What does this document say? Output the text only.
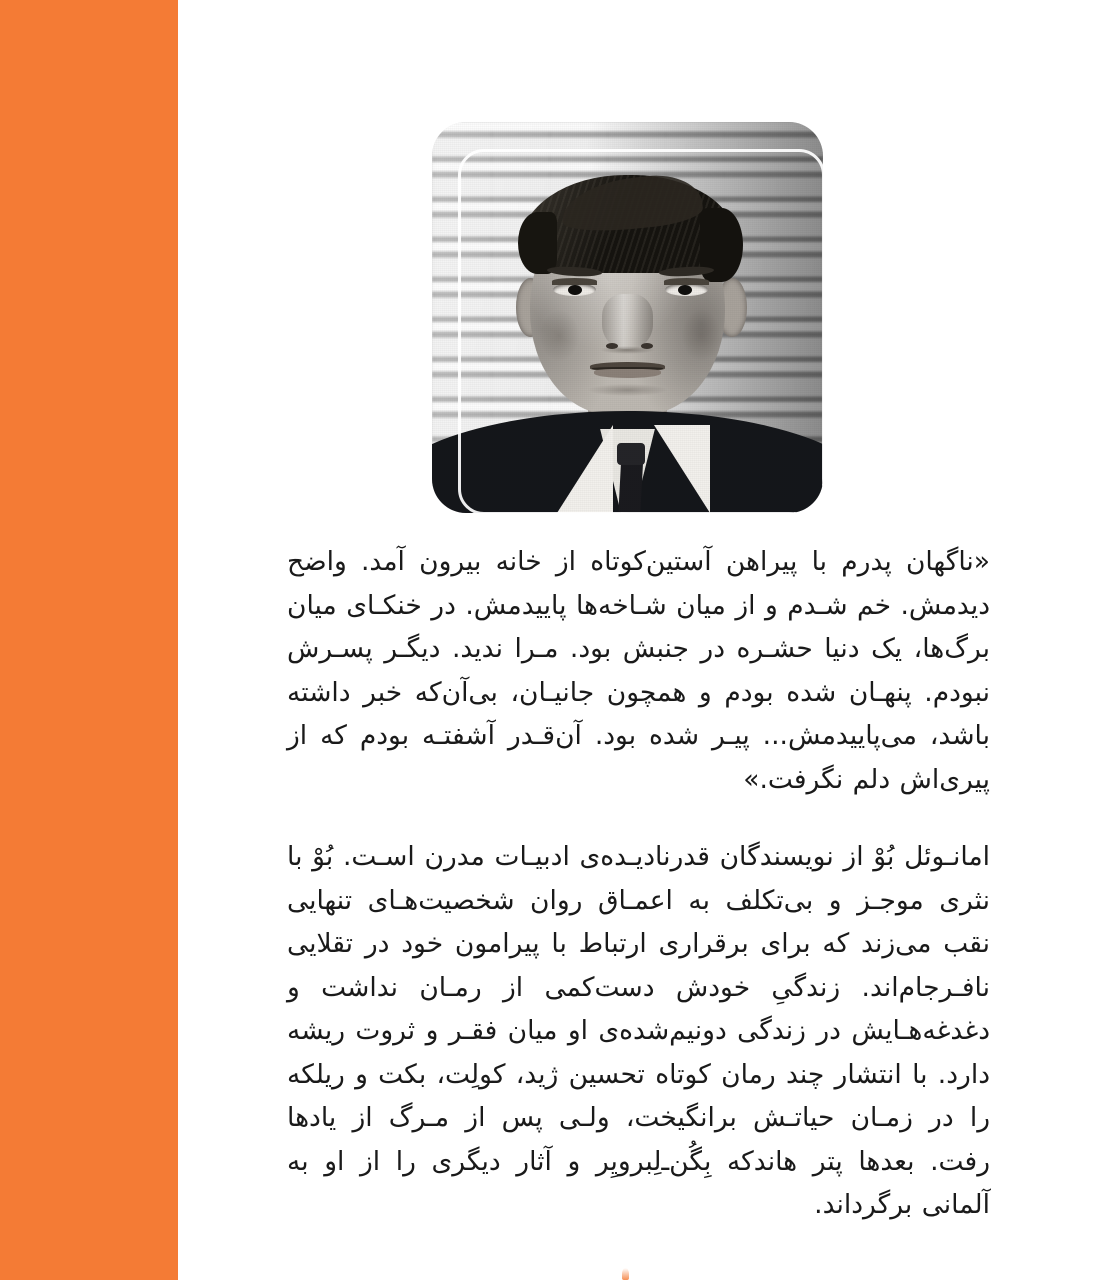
«ناگهان پدرم با پیراهن آستین‌کوتاه از خانه بیرون آمد. واضح دیدمش. خم شـدم و از میان شـاخه‌ها پاییدمش. در خنکـای میان برگ‌ها، یک دنیا حشـره در جنبش بود. مـرا ندید. دیگـر پسـرش نبودم. پنهـان شده بودم و همچون جانیـان، بی‌آن‌که خبر داشته باشد، می‌پاییدمش... پیـر شده بود. آن‌قـدر آشفتـه بودم که از پیری‌اش دلم نگرفت.»

امانـوئل بُوْ از نویسندگان قدرنادیـده‌ی ادبیـات مدرن اسـت. بُوْ با نثری موجـز و بی‌تکلف به اعمـاق روان شخصیت‌هـای تنهایی نقب می‌زند که برای برقراری ارتباط با پیرامون خود در تقلایی نافـرجام‌اند. زندگیِ خودش دست‌کمی از رمـان نداشت و دغدغه‌هـایش در زندگی دونیم‌شده‌ی او میان فقـر و ثروت ریشه دارد. با انتشار چند رمان کوتاه تحسین ژید، کولِت، بکت و ریلکه را در زمـان حیاتـش برانگیخت، ولـی پس از مـرگ از یادها رفت. بعدها پتر هاندکه بِگُن‌ـ‌لِبرویِر و آثار دیگری را از او به آلمانی برگرداند.
